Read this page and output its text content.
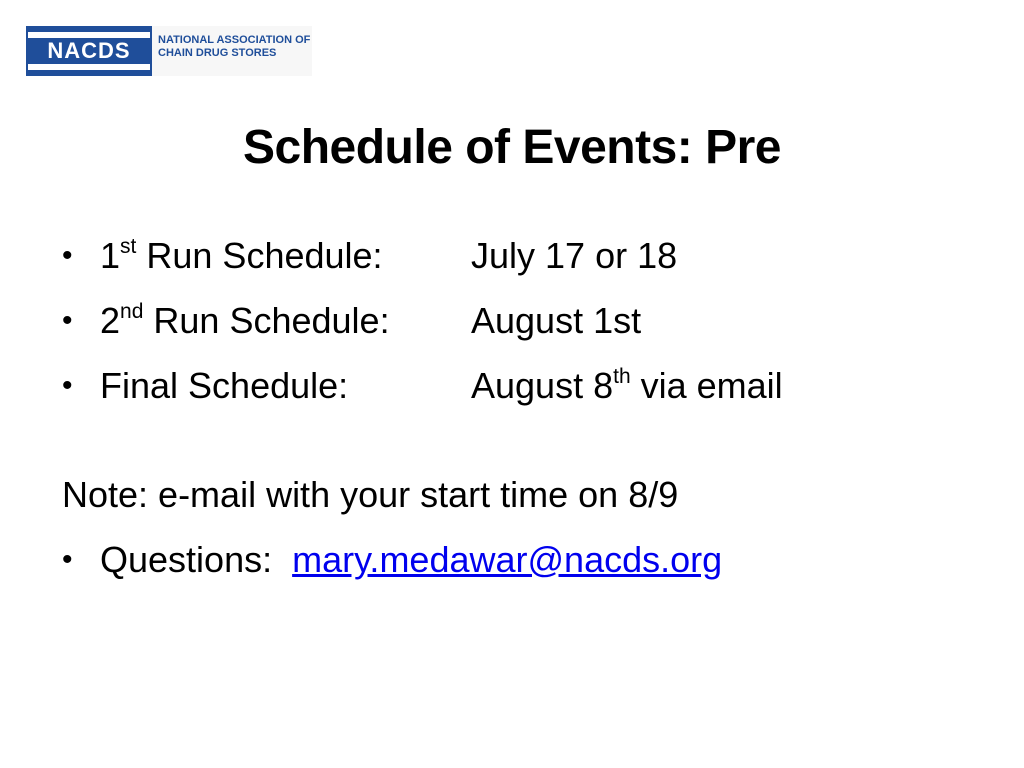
NACDS NATIONAL ASSOCIATION OF
CHAIN DRUG STORES
Schedule of Events: Pre
• 1st Run Schedule: July 17 or 18
• 2nd Run Schedule: August 1st
• Final Schedule:	August 8th via email
Note: e-mail with your start time on 8/9
• Questions: mary.medawar@nacds.org
